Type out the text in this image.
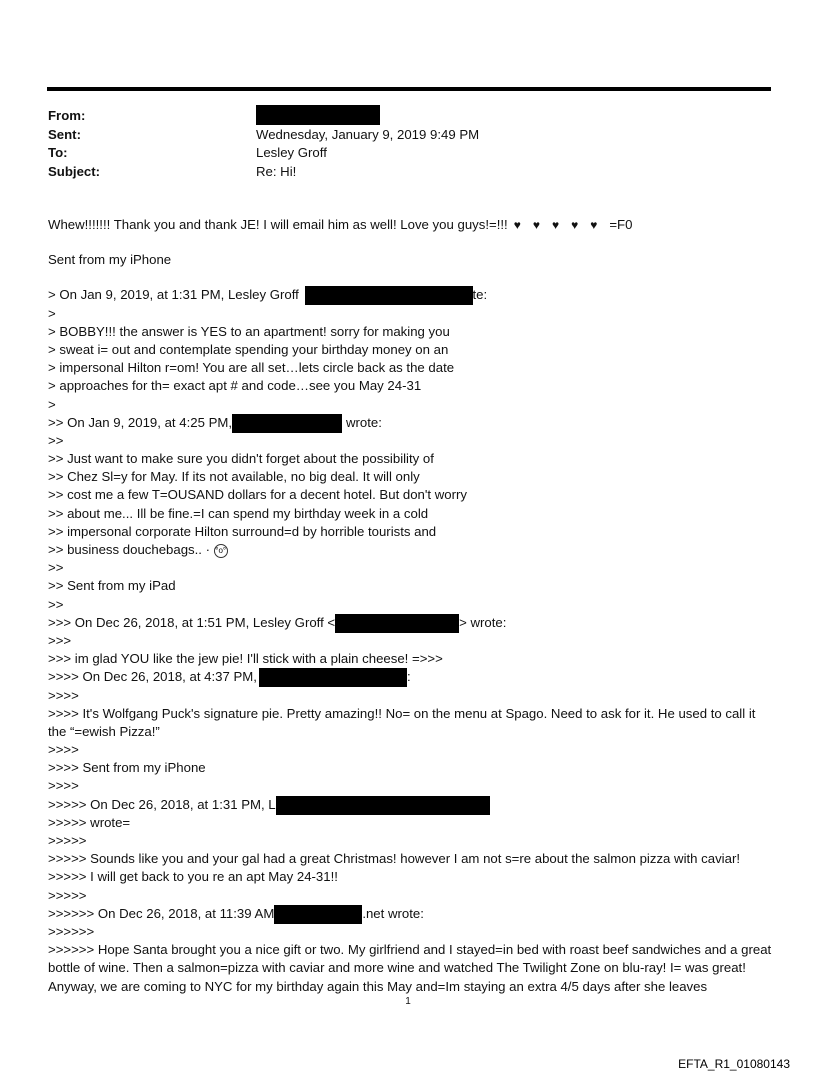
From:
Sent:	Wednesday, January 9, 2019 9:49 PM
To:	Lesley Groff
Subject:	Re: Hi!
Whew!!!!!!! Thank you and thank JE! I will email him as well! Love you guys!=!!! ♥ ♥ ♥ ♥ ♥ =F0
Sent from my iPhone
> On Jan 9, 2019, at 1:31 PM, Lesley Groff	te:
>
> BOBBY!!! the answer is YES to an apartment! sorry for making you
> sweat i= out and contemplate spending your birthday money on an
> impersonal Hilton r=om! You are all set…lets circle back as the date
> approaches for th= exact apt # and code…see you May 24-31
>
>> On Jan 9, 2019, at 4:25 PM,	wrote:
>>
>> Just want to make sure you didn't forget about the possibility of
>> Chez Sl=y for May. If its not available, no big deal. It will only
>> cost me a few T=OUSAND dollars for a decent hotel. But don't worry
>> about me... Ill be fine.=I can spend my birthday week in a cold
>> impersonal corporate Hilton surround=d by horrible tourists and
>> business douchebags.. · °o°
>>
>> Sent from my iPad
>>
>>> On Dec 26, 2018, at 1:51 PM, Lesley Groff <	> wrote:
>>>
>>> im glad YOU like the jew pie! I'll stick with a plain cheese! =>>>
>>>> On Dec 26, 2018, at 4:37 PM,	:
>>>>
>>>> It's Wolfgang Puck's signature pie. Pretty amazing!! No= on the menu at Spago. Need to ask for it. He used to call it the “=ewish Pizza!”
>>>>
>>>> Sent from my iPhone
>>>>
>>>>> On Dec 26, 2018, at 1:31 PM, L
>>>>> wrote=
>>>>>
>>>>> Sounds like you and your gal had a great Christmas! however I am not s=re about the salmon pizza with caviar!
>>>>> I will get back to you re an apt May 24-31!!
>>>>>
>>>>>> On Dec 26, 2018, at 11:39 AM	.net wrote:
>>>>>>
>>>>>> Hope Santa brought you a nice gift or two. My girlfriend and I stayed=in bed with roast beef sandwiches and a great bottle of wine. Then a salmon=pizza with caviar and more wine and watched The Twilight Zone on blu-ray! I= was great! Anyway, we are coming to NYC for my birthday again this May and=Im staying an extra 4/5 days after she leaves
1
EFTA_R1_01080143
